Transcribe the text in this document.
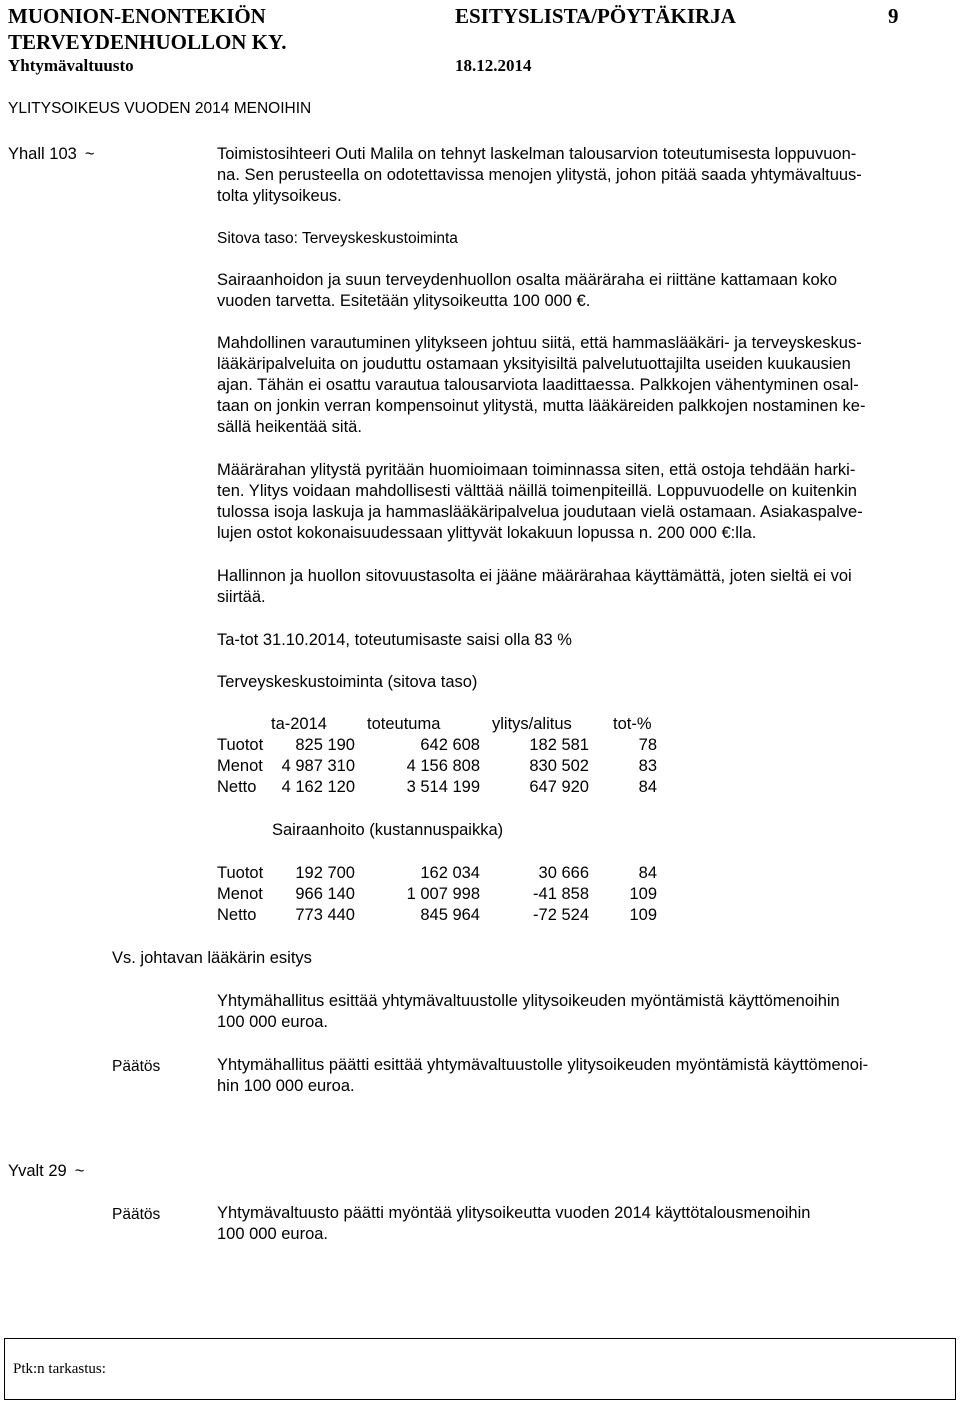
MUONION-ENONTEKIÖN	ESITYSLISTA/PÖYTÄKIRJA	9
TERVEYDENHUOLLON KY.
Yhtymävaltuusto	18.12.2014
YLITYSOIKEUS VUODEN 2014 MENOIHIN
Yhall 103 ~	Toimistosihteeri Outi Malila on tehnyt laskelman talousarvion toteutumisesta loppuvuon-
na. Sen perusteella on odotettavissa menojen ylitystä, johon pitää saada yhtymävaltuus-
tolta ylitysoikeus.
Sitova taso: Terveyskeskustoiminta
Sairaanhoidon ja suun terveydenhuollon osalta määräraha ei riittäne kattamaan koko
vuoden tarvetta. Esitetään ylitysoikeutta 100 000 €.
Mahdollinen varautuminen ylitykseen johtuu siitä, että hammaslääkäri- ja terveyskeskus-
lääkäripalveluita on jouduttu ostamaan yksityisiltä palvelutuottajilta useiden kuukausien
ajan. Tähän ei osattu varautua talousarviota laadittaessa. Palkkojen vähentyminen osal-
taan on jonkin verran kompensoinut ylitystä, mutta lääkäreiden palkkojen nostaminen ke-
sällä heikentää sitä.
Määrärahan ylitystä pyritään huomioimaan toiminnassa siten, että ostoja tehdään harki-
ten. Ylitys voidaan mahdollisesti välttää näillä toimenpiteillä. Loppuvuodelle on kuitenkin
tulossa isoja laskuja ja hammaslääkäripalvelua joudutaan vielä ostamaan. Asiakaspalve-
lujen ostot kokonaisuudessaan ylittyvät lokakuun lopussa n. 200 000 €:lla.
Hallinnon ja huollon sitovuustasolta ei jääne määrärahaa käyttämättä, joten sieltä ei voi
siirtää.
Ta-tot 31.10.2014, toteutumisaste saisi olla 83 %
Terveyskeskustoiminta (sitova taso)
	ta-2014	toteutuma	ylitys/alitus	tot-%
Tuotot	825 190	642 608	182 581	78
Menot	4 987 310	4 156 808	830 502	83
Netto	4 162 120	3 514 199	647 920	84
Sairaanhoito (kustannuspaikka)
Tuotot	192 700	162 034	30 666	84
Menot	966 140	1 007 998	-41 858	109
Netto	773 440	845 964	-72 524	109
Vs. johtavan lääkärin esitys
Yhtymähallitus esittää yhtymävaltuustolle ylitysoikeuden myöntämistä käyttömenoihin
100 000 euroa.
Päätös	Yhtymähallitus päätti esittää yhtymävaltuustolle ylitysoikeuden myöntämistä käyttömenoi-
hin 100 000 euroa.
Yvalt 29 ~
Päätös	Yhtymävaltuusto päätti myöntää ylitysoikeutta vuoden 2014 käyttötalousmenoihin
100 000 euroa.
Ptk:n tarkastus:
